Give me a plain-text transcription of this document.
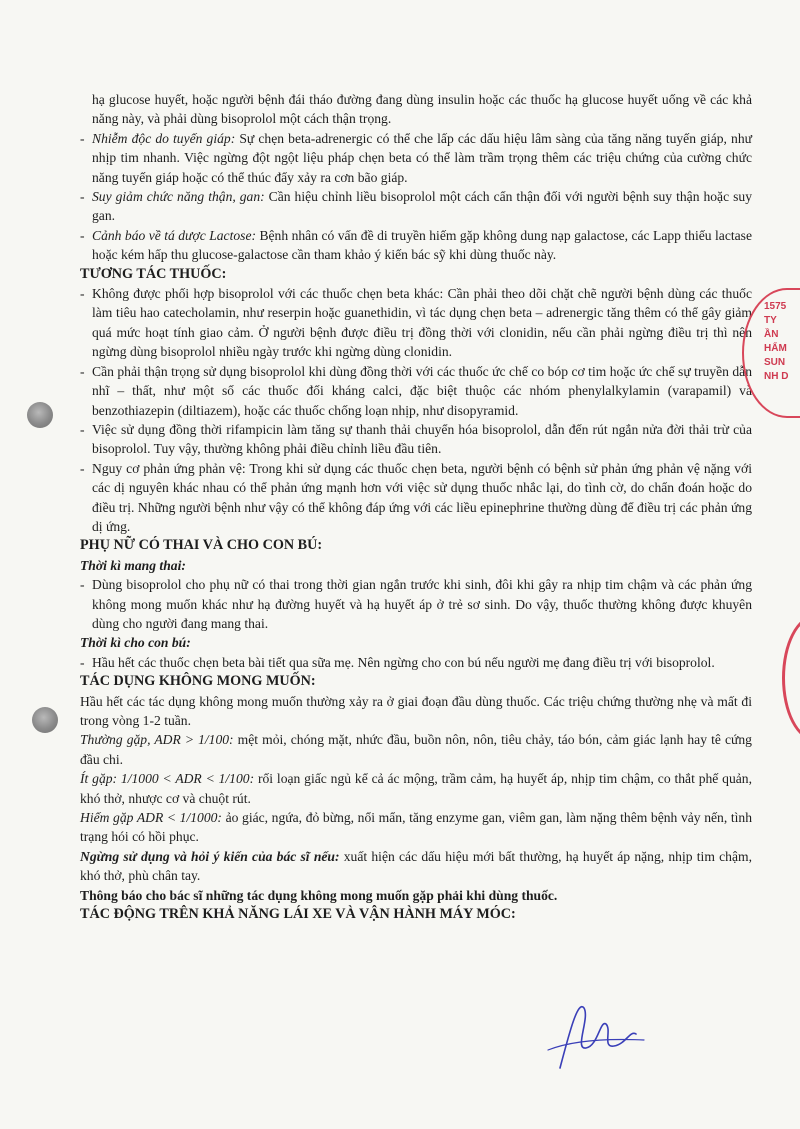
hạ glucose huyết, hoặc người bệnh đái tháo đường đang dùng insulin hoặc các thuốc hạ glucose huyết uống về các khả năng này, và phải dùng bisoprolol một cách thận trọng.

- Nhiễm độc do tuyến giáp: Sự chẹn beta-adrenergic có thể che lấp các dấu hiệu lâm sàng của tăng năng tuyến giáp, như nhịp tim nhanh. Việc ngừng đột ngột liệu pháp chẹn beta có thể làm trầm trọng thêm các triệu chứng của cường chức năng tuyến giáp hoặc có thể thúc đẩy xảy ra cơn bão giáp.

- Suy giảm chức năng thận, gan: Cần hiệu chỉnh liều bisoprolol một cách cẩn thận đối với người bệnh suy thận hoặc suy gan.

- Cảnh báo về tá dược Lactose: Bệnh nhân có vấn đề di truyền hiếm gặp không dung nạp galactose, các Lapp thiếu lactase hoặc kém hấp thu glucose-galactose cần tham khảo ý kiến bác sỹ khi dùng thuốc này.

TƯƠNG TÁC THUỐC:

- Không được phối hợp bisoprolol với các thuốc chẹn beta khác: Cần phải theo dõi chặt chẽ người bệnh dùng các thuốc làm tiêu hao catecholamin, như reserpin hoặc guanethidin, vì tác dụng chẹn beta – adrenergic tăng thêm có thể gây giảm quá mức hoạt tính giao cảm. Ở người bệnh được điều trị đồng thời với clonidin, nếu cần phải ngừng điều trị thì nên ngừng dùng bisoprolol nhiều ngày trước khi ngừng dùng clonidin.

- Cần phải thận trọng sử dụng bisoprolol khi dùng đồng thời với các thuốc ức chế co bóp cơ tim hoặc ức chế sự truyền dẫn nhĩ – thất, như một số các thuốc đối kháng calci, đặc biệt thuộc các nhóm phenylalkylamin (varapamil) và benzothiazepin (diltiazem), hoặc các thuốc chống loạn nhịp, như disopyramid.

- Việc sử dụng đồng thời rifampicin làm tăng sự thanh thải chuyển hóa bisoprolol, dẫn đến rút ngắn nửa đời thải trừ của bisoprolol. Tuy vậy, thường không phải điều chỉnh liều đầu tiên.

- Nguy cơ phản ứng phản vệ: Trong khi sử dụng các thuốc chẹn beta, người bệnh có bệnh sử phản ứng phản vệ nặng với các dị nguyên khác nhau có thể phản ứng mạnh hơn với việc sử dụng thuốc nhắc lại, do tình cờ, do chẩn đoán hoặc do điều trị. Những người bệnh như vậy có thể không đáp ứng với các liều epinephrine thường dùng để điều trị các phản ứng dị ứng.

PHỤ NỮ CÓ THAI VÀ CHO CON BÚ:

Thời kì mang thai:

- Dùng bisoprolol cho phụ nữ có thai trong thời gian ngắn trước khi sinh, đôi khi gây ra nhịp tim chậm và các phản ứng không mong muốn khác như hạ đường huyết và hạ huyết áp ở trẻ sơ sinh. Do vậy, thuốc thường không được khuyên dùng cho người đang mang thai.

Thời kì cho con bú:

- Hầu hết các thuốc chẹn beta bài tiết qua sữa mẹ. Nên ngừng cho con bú nếu người mẹ đang điều trị với bisoprolol.

TÁC DỤNG KHÔNG MONG MUỐN:

Hầu hết các tác dụng không mong muốn thường xảy ra ở giai đoạn đầu dùng thuốc. Các triệu chứng thường nhẹ và mất đi trong vòng 1-2 tuần.

Thường gặp, ADR > 1/100: mệt mỏi, chóng mặt, nhức đầu, buồn nôn, nôn, tiêu chảy, táo bón, cảm giác lạnh hay tê cứng đầu chi.

Ít gặp: 1/1000 < ADR < 1/100: rối loạn giấc ngủ kể cả ác mộng, trầm cảm, hạ huyết áp, nhịp tim chậm, co thắt phế quản, khó thở, nhược cơ và chuột rút.

Hiếm gặp ADR < 1/1000: ảo giác, ngứa, đỏ bừng, nổi mẩn, tăng enzyme gan, viêm gan, làm nặng thêm bệnh vảy nến, tình trạng hói có hồi phục.

Ngừng sử dụng và hỏi ý kiến của bác sĩ nếu: xuất hiện các dấu hiệu mới bất thường, hạ huyết áp nặng, nhịp tim chậm, khó thở, phù chân tay.

Thông báo cho bác sĩ những tác dụng không mong muốn gặp phải khi dùng thuốc.

TÁC ĐỘNG TRÊN KHẢ NĂNG LÁI XE VÀ VẬN HÀNH MÁY MÓC:

1575
TY
ẦN
HẨM
SUN
NH D
